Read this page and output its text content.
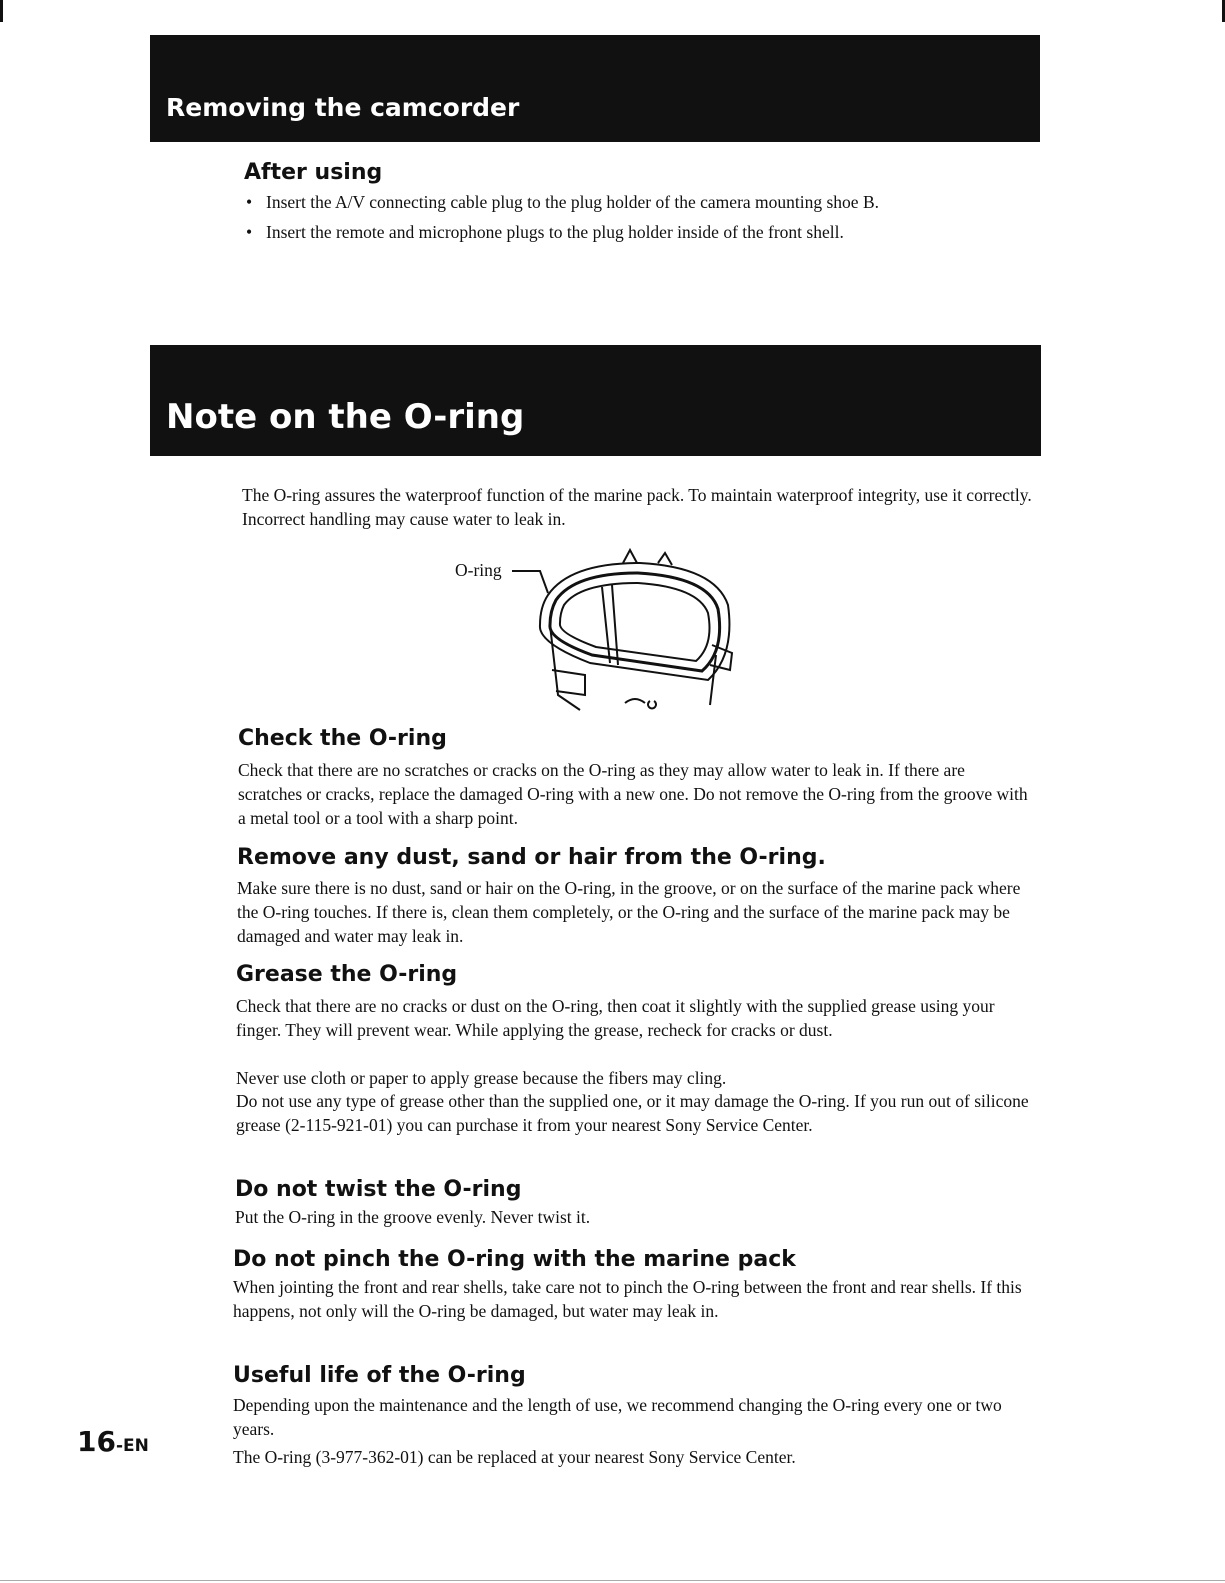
Removing the camcorder
After using
• Insert the A/V connecting cable plug to the plug holder of the camera mounting shoe B.
• Insert the remote and microphone plugs to the plug holder inside of the front shell.
Note on the O-ring

The O-ring assures the waterproof function of the marine pack. To maintain waterproof integrity, use it correctly. Incorrect handling may cause water to leak in.

O-ring
Check the O-ring

Check that there are no scratches or cracks on the O-ring as they may allow water to leak in. If there are scratches or cracks, replace the damaged O-ring with a new one. Do not remove the O-ring from the groove with a metal tool or a tool with a sharp point.

Remove any dust, sand or hair from the O-ring.

Make sure there is no dust, sand or hair on the O-ring, in the groove, or on the surface of the marine pack where the O-ring touches. If there is, clean them completely, or the O-ring and the surface of the marine pack may be damaged and water may leak in.

Grease the O-ring

Check that there are no cracks or dust on the O-ring, then coat it slightly with the supplied grease using your finger. They will prevent wear. While applying the grease, recheck for cracks or dust.

Never use cloth or paper to apply grease because the fibers may cling.

Do not use any type of grease other than the supplied one, or it may damage the O-ring. If you run out of silicone grease (2-115-921-01) you can purchase it from your nearest Sony Service Center.

Do not twist the O-ring

Put the O-ring in the groove evenly. Never twist it.

Do not pinch the O-ring with the marine pack

When jointing the front and rear shells, take care not to pinch the O-ring between the front and rear shells. If this happens, not only will the O-ring be damaged, but water may leak in.

Useful life of the O-ring

Depending upon the maintenance and the length of use, we recommend changing the O-ring every one or two years.

The O-ring (3-977-362-01) can be replaced at your nearest Sony Service Center.

16-EN
